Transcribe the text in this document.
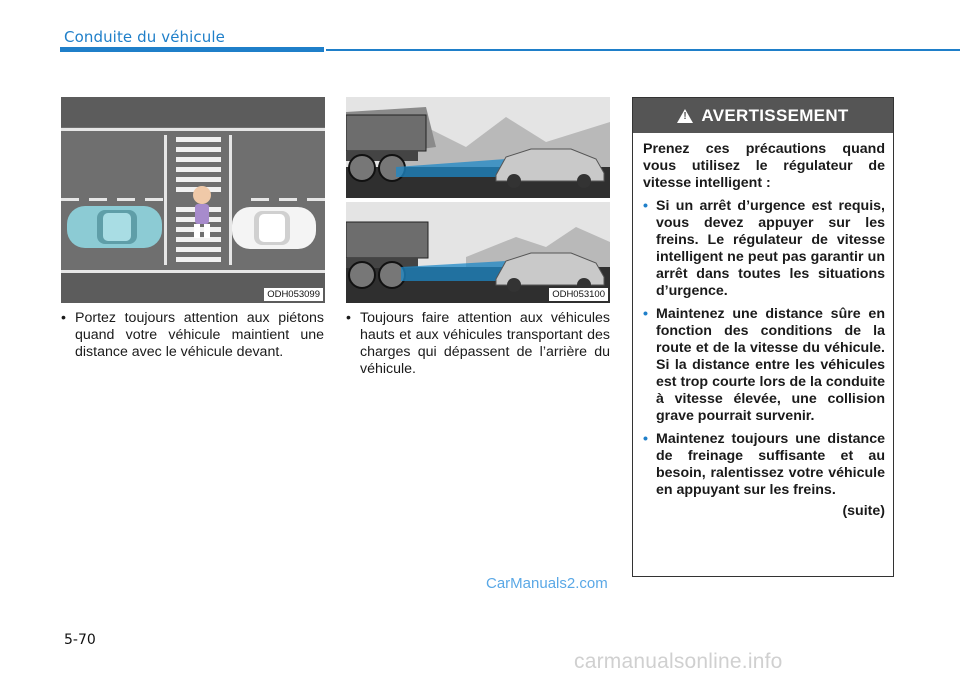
Conduite du véhicule
ODH053099	ODH053100
• Portez toujours attention aux piétons quand votre véhicule maintient une distance avec le véhicule devant.
• Toujours faire attention aux véhicules hauts et aux véhicules transportant des charges qui dépassent de l’arrière du véhicule.
! AVERTISSEMENT

Prenez ces précautions quand vous utilisez le régulateur de vitesse intelligent :

• Si un arrêt d’urgence est requis, vous devez appuyer sur les freins. Le régulateur de vitesse intelligent ne peut pas garantir un arrêt dans toutes les situations d’urgence.
• Maintenez une distance sûre en fonction des conditions de la route et de la vitesse du véhicule. Si la distance entre les véhicules est trop courte lors de la conduite à vitesse élevée, une collision grave pourrait survenir.
• Maintenez toujours une distance de freinage suffisante et au besoin, ralentissez votre véhicule en appuyant sur les freins.
(suite)
CarManuals2.com
5-70
carmanualsonline.info
